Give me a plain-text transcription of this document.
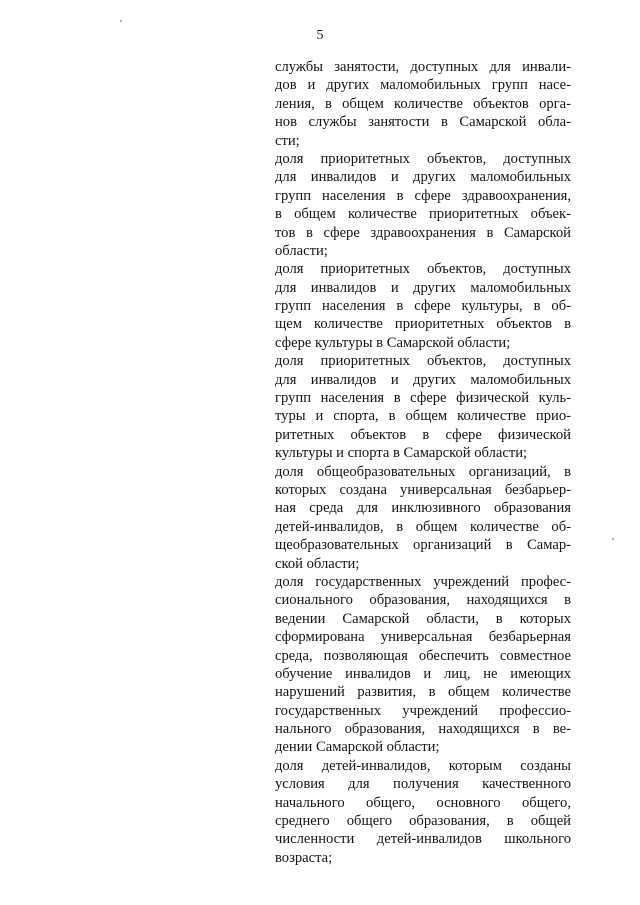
5
службы занятости, доступных для инвали-
дов и других маломобильных групп насе-
ления, в общем количестве объектов орга-
нов службы занятости в Самарской обла-
сти;
доля приоритетных объектов, доступных
для инвалидов и других маломобильных
групп населения в сфере здравоохранения,
в общем количестве приоритетных объек-
тов в сфере здравоохранения в Самарской
области;
доля приоритетных объектов, доступных
для инвалидов и других маломобильных
групп населения в сфере культуры, в об-
щем количестве приоритетных объектов в
сфере культуры в Самарской области;
доля приоритетных объектов, доступных
для инвалидов и других маломобильных
групп населения в сфере физической куль-
туры и спорта, в общем количестве прио-
ритетных объектов в сфере физической
культуры и спорта в Самарской области;
доля общеобразовательных организаций, в
которых создана универсальная безбарьер-
ная среда для инклюзивного образования
детей-инвалидов, в общем количестве об-
щеобразовательных организаций в Самар-
ской области;
доля государственных учреждений профес-
сионального образования, находящихся в
ведении Самарской области, в которых
сформирована универсальная безбарьерная
среда, позволяющая обеспечить совместное
обучение инвалидов и лиц, не имеющих
нарушений развития, в общем количестве
государственных учреждений профессио-
нального образования, находящихся в ве-
дении Самарской области;
доля детей-инвалидов, которым созданы
условия для получения качественного
начального общего, основного общего,
среднего общего образования, в общей
численности детей-инвалидов школьного
возраста;
